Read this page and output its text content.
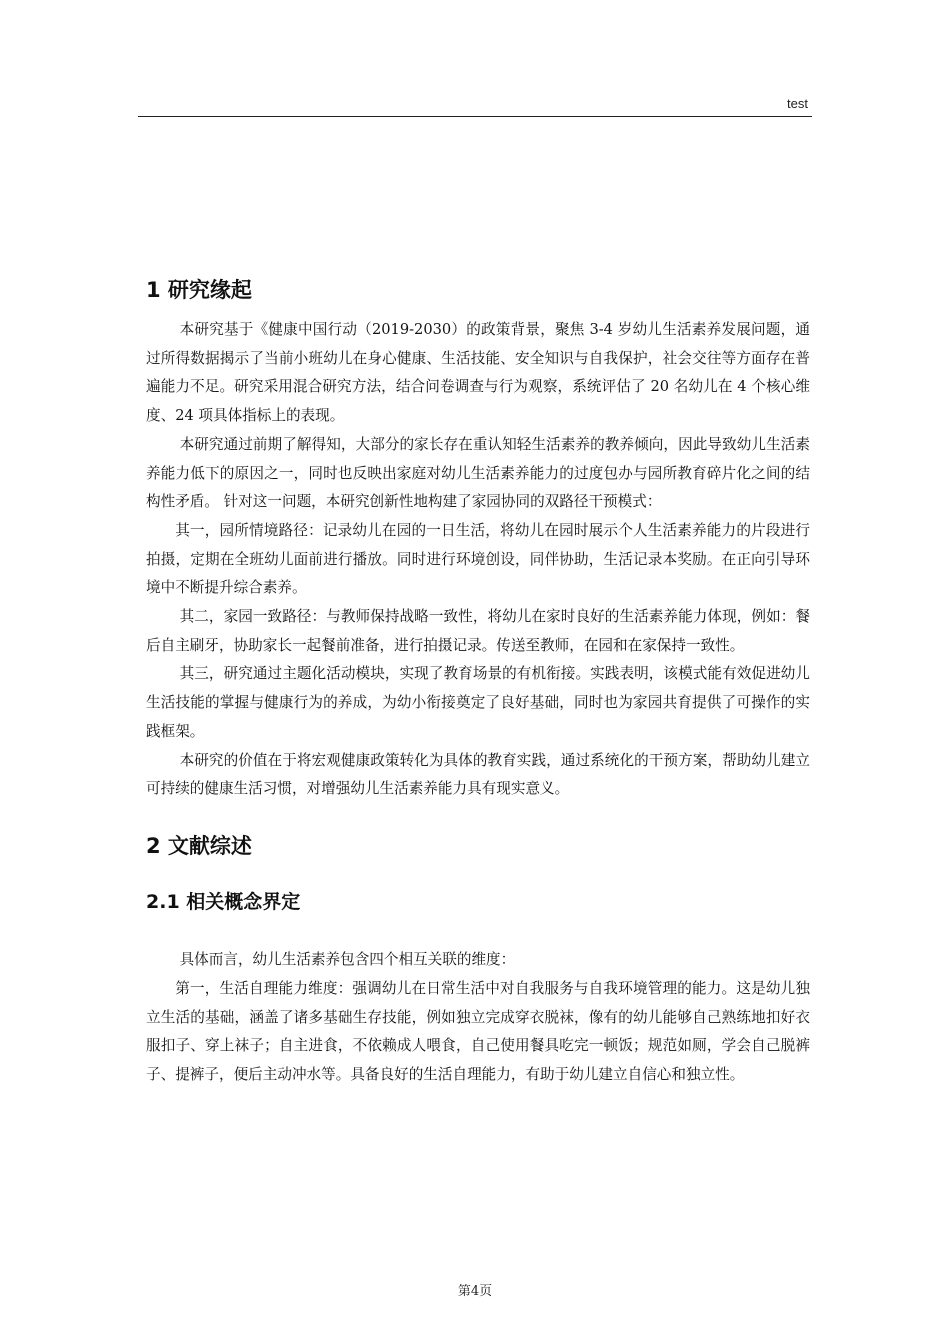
test
1 研究缘起

本研究基于《健康中国行动（2019-2030）的政策背景，聚焦 3-4 岁幼儿生活素养发展问题，通过所得数据揭示了当前小班幼儿在身心健康、生活技能、安全知识与自我保护，社会交往等方面存在普遍能力不足。研究采用混合研究方法，结合问卷调查与行为观察，系统评估了 20 名幼儿在 4 个核心维度、24 项具体指标上的表现。

本研究通过前期了解得知，大部分的家长存在重认知轻生活素养的教养倾向，因此导致幼儿生活素养能力低下的原因之一，同时也反映出家庭对幼儿生活素养能力的过度包办与园所教育碎片化之间的结构性矛盾。 针对这一问题，本研究创新性地构建了家园协同的双路径干预模式：

其一，园所情境路径：记录幼儿在园的一日生活，将幼儿在园时展示个人生活素养能力的片段进行拍摄，定期在全班幼儿面前进行播放。同时进行环境创设，同伴协助，生活记录本奖励。在正向引导环境中不断提升综合素养。

其二，家园一致路径：与教师保持战略一致性，将幼儿在家时良好的生活素养能力体现，例如：餐后自主刷牙，协助家长一起餐前准备，进行拍摄记录。传送至教师，在园和在家保持一致性。

其三，研究通过主题化活动模块，实现了教育场景的有机衔接。实践表明，该模式能有效促进幼儿生活技能的掌握与健康行为的养成，为幼小衔接奠定了良好基础，同时也为家园共育提供了可操作的实践框架。

本研究的价值在于将宏观健康政策转化为具体的教育实践，通过系统化的干预方案，帮助幼儿建立可持续的健康生活习惯，对增强幼儿生活素养能力具有现实意义。

2 文献综述
2.1 相关概念界定

具体而言，幼儿生活素养包含四个相互关联的维度：

第一，生活自理能力维度：强调幼儿在日常生活中对自我服务与自我环境管理的能力。这是幼儿独立生活的基础，涵盖了诸多基础生存技能，例如独立完成穿衣脱袜，像有的幼儿能够自己熟练地扣好衣服扣子、穿上袜子；自主进食，不依赖成人喂食，自己使用餐具吃完一顿饭；规范如厕，学会自己脱裤子、提裤子，便后主动冲水等。具备良好的生活自理能力，有助于幼儿建立自信心和独立性。

第4页
